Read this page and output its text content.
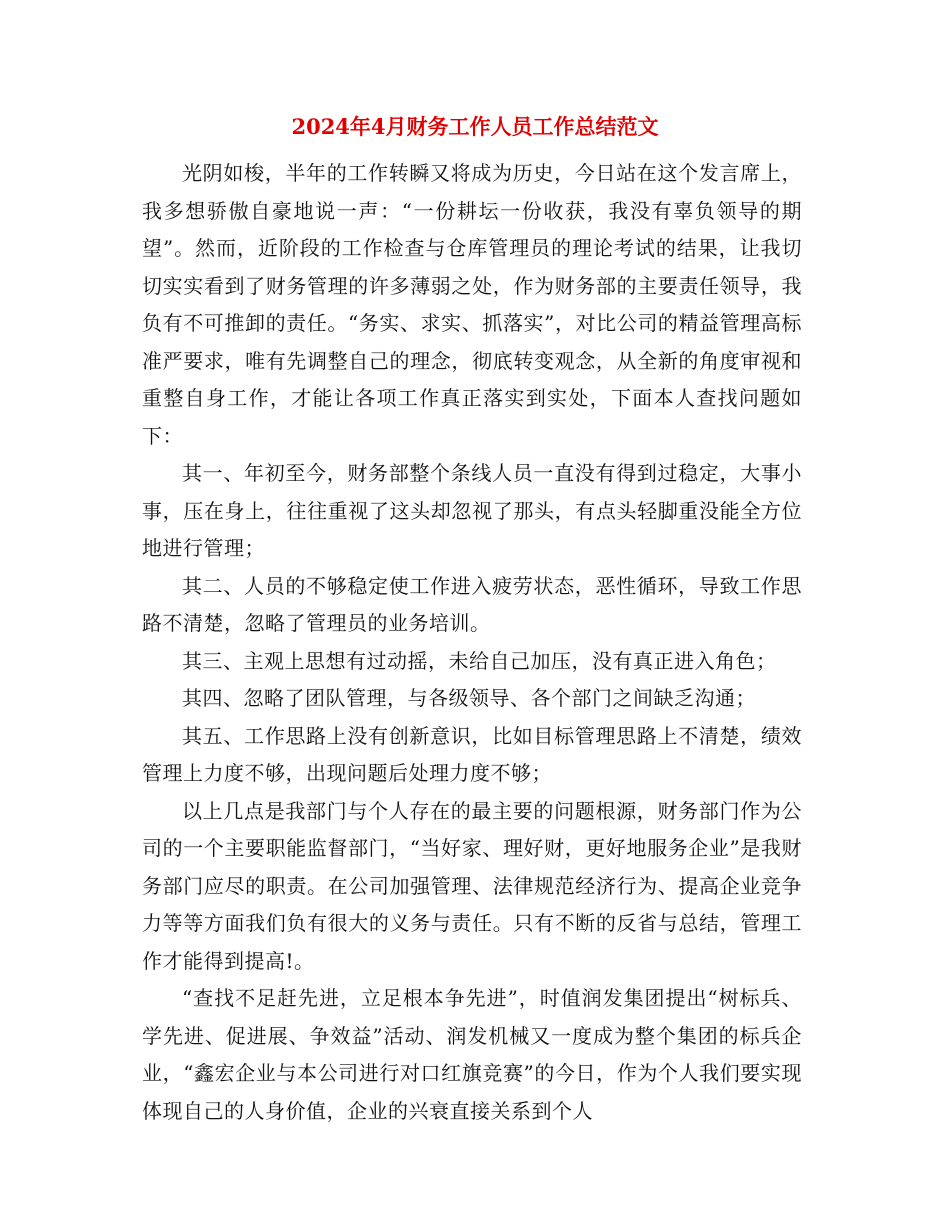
2024年4月财务工作人员工作总结范文

光阴如梭，半年的工作转瞬又将成为历史，今日站在这个发言席上，我多想骄傲自豪地说一声：“一份耕坛一份收获，我没有辜负领导的期望”。然而，近阶段的工作检查与仓库管理员的理论考试的结果，让我切切实实看到了财务管理的许多薄弱之处，作为财务部的主要责任领导，我负有不可推卸的责任。“务实、求实、抓落实”，对比公司的精益管理高标准严要求，唯有先调整自己的理念，彻底转变观念，从全新的角度审视和重整自身工作，才能让各项工作真正落实到实处，下面本人查找问题如下：

其一、年初至今，财务部整个条线人员一直没有得到过稳定，大事小事，压在身上，往往重视了这头却忽视了那头，有点头轻脚重没能全方位地进行管理；

其二、人员的不够稳定使工作进入疲劳状态，恶性循环，导致工作思路不清楚，忽略了管理员的业务培训。

其三、主观上思想有过动摇，未给自己加压，没有真正进入角色；

其四、忽略了团队管理，与各级领导、各个部门之间缺乏沟通；

其五、工作思路上没有创新意识，比如目标管理思路上不清楚，绩效管理上力度不够，出现问题后处理力度不够；

以上几点是我部门与个人存在的最主要的问题根源，财务部门作为公司的一个主要职能监督部门，“当好家、理好财，更好地服务企业”是我财务部门应尽的职责。在公司加强管理、法律规范经济行为、提高企业竞争力等等方面我们负有很大的义务与责任。只有不断的反省与总结，管理工作才能得到提高!。

“查找不足赶先进，立足根本争先进”，时值润发集团提出“树标兵、学先进、促进展、争效益”活动、润发机械又一度成为整个集团的标兵企业，“鑫宏企业与本公司进行对口红旗竞赛”的今日，作为个人我们要实现体现自己的人身价值，企业的兴衰直接关系到个人
